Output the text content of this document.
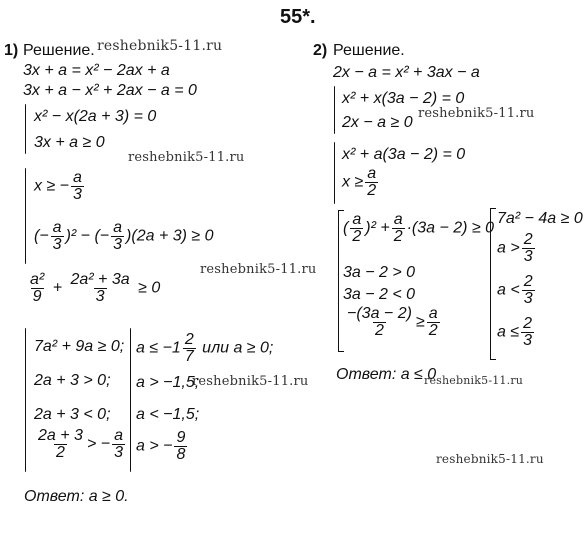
55*.
reshebnik5-11.ru
reshebnik5-11.ru
reshebnik5-11.ru
reshebnik5-11.ru
reshebnik5-11.ru
reshebnik5-11.ru
reshebnik5-11.ru
1) Решение.
3x + a = x² − 2ax + a
3x + a − x² + 2ax − a = 0
x² − x(2a + 3) = 0
3x + a ≥ 0
x ≥ − $\frac{a}{3}$
(− $\frac{a}{3} )^2$ − (− $\frac{a}{3} )(2a + 3) \ge 0$
$\frac{\text{a²}}{9} + \frac{\text{2a² + 3a}}{3} \ge 0$
7a² + 9a ≥ 0;
2a + 3 > 0;
2a + 3 < 0;
$\frac{2a + 3}{2}$ > − $\frac{a}{3}$
$a \le -1 \frac{2}{7}$ или a ≥ 0;
a > −1,5;
a < −1,5;
a > − $\frac{9}{8}$
Ответ: a ≥ 0.
2) Решение.
2x − a = x² + 3ax − a
x² + x(3a − 2) = 0
2x − a ≥ 0
x² + a(3a − 2) = 0
$x \ge \frac{a}{2}$
( $\frac{a}{2} )^2 + \frac{a}{2} \cdot(3a - 2) \ge 0$
3a − 2 > 0
3a − 2 < 0
$\frac{-(3a - 2)}{2} \ge \frac{a}{2}$
7a² − 4a ≥ 0
$a > \frac{2}{3}$
$a < \frac{2}{3}$
$a \le \frac{2}{3}$
Ответ: a ≤ 0
